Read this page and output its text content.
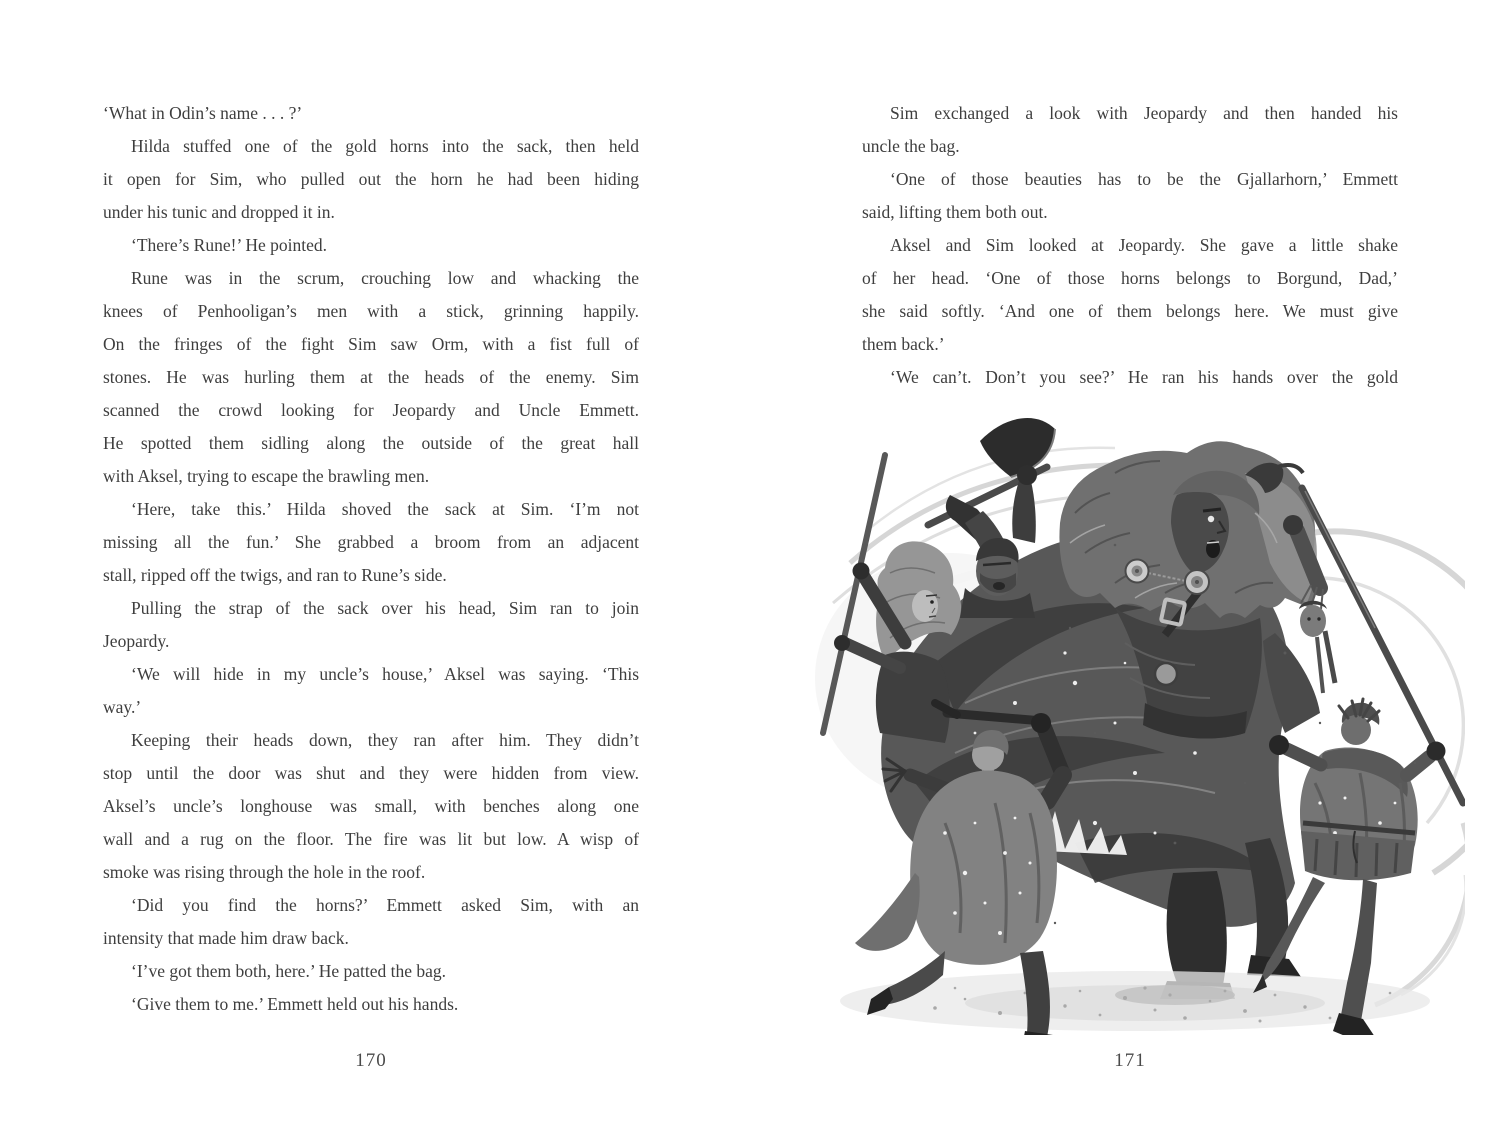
‘What in Odin’s name . . . ?’
Hilda stuffed one of the gold horns into the sack, then held
it open for Sim, who pulled out the horn he had been hiding
under his tunic and dropped it in.
‘There’s Rune!’ He pointed.
Rune was in the scrum, crouching low and whacking the
knees of Penhooligan’s men with a stick, grinning happily.
On the fringes of the fight Sim saw Orm, with a fist full of
stones. He was hurling them at the heads of the enemy. Sim
scanned the crowd looking for Jeopardy and Uncle Emmett.
He spotted them sidling along the outside of the great hall
with Aksel, trying to escape the brawling men.
‘Here, take this.’ Hilda shoved the sack at Sim. ‘I’m not
missing all the fun.’ She grabbed a broom from an adjacent
stall, ripped off the twigs, and ran to Rune’s side.
Pulling the strap of the sack over his head, Sim ran to join
Jeopardy.
‘We will hide in my uncle’s house,’ Aksel was saying. ‘This
way.’
Keeping their heads down, they ran after him. They didn’t
stop until the door was shut and they were hidden from view.
Aksel’s uncle’s longhouse was small, with benches along one
wall and a rug on the floor. The fire was lit but low. A wisp of
smoke was rising through the hole in the roof.
‘Did you find the horns?’ Emmett asked Sim, with an
intensity that made him draw back.
‘I’ve got them both, here.’ He patted the bag.
‘Give them to me.’ Emmett held out his hands.
170
Sim exchanged a look with Jeopardy and then handed his
uncle the bag.
‘One of those beauties has to be the Gjallarhorn,’ Emmett
said, lifting them both out.
Aksel and Sim looked at Jeopardy. She gave a little shake
of her head. ‘One of those horns belongs to Borgund, Dad,’
she said softly. ‘And one of them belongs here. We must give
them back.’
‘We can’t. Don’t you see?’ He ran his hands over the gold
171
